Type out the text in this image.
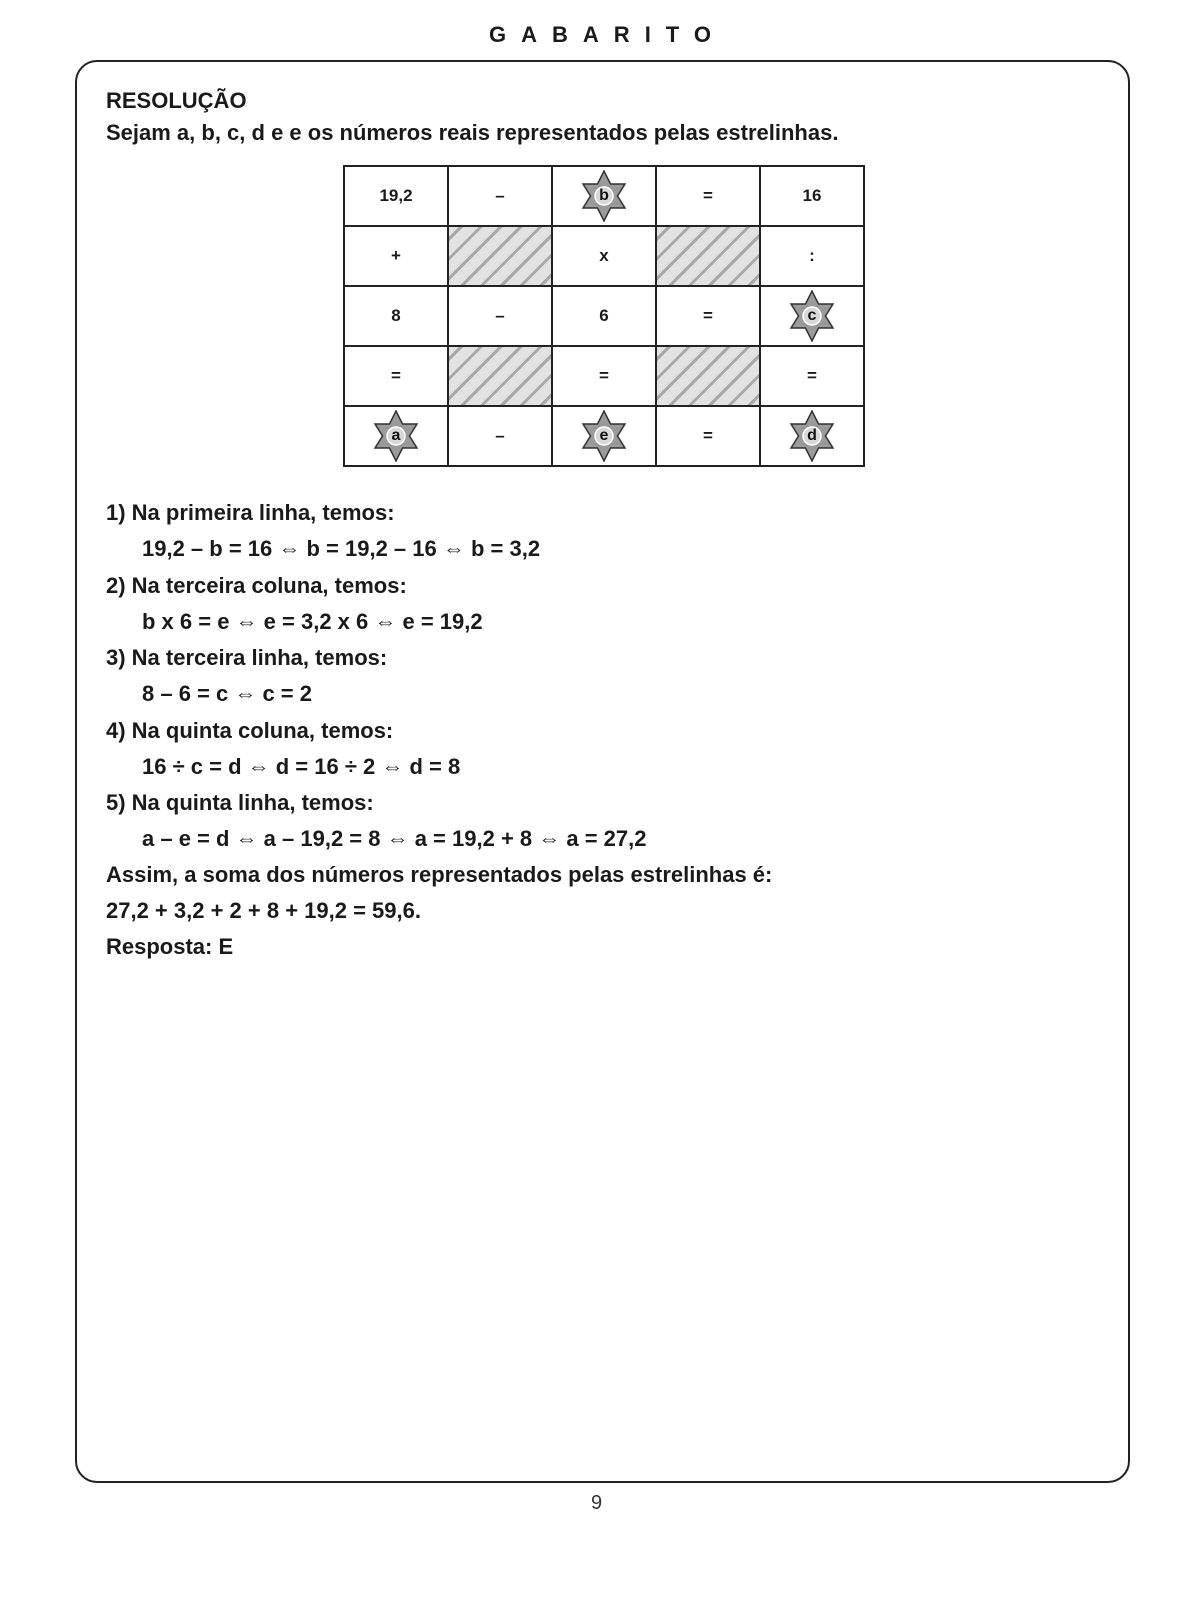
GABARITO
RESOLUÇÃO
Sejam a, b, c, d e e os números reais representados pelas estrelinhas.
19,2	–	b	=	16
+		x		:
8	–	6	=	c

=		=		=

a	–	e	=	d
1) Na primeira linha, temos:
19,2 – b = 16 ⇔ b = 19,2 – 16 ⇔ b = 3,2
2) Na terceira coluna, temos:
b x 6 = e ⇔ e = 3,2 x 6 ⇔ e = 19,2
3) Na terceira linha, temos:
8 – 6 = c ⇔ c = 2
4) Na quinta coluna, temos:
16 ÷ c = d ⇔ d = 16 ÷ 2 ⇔ d = 8
5) Na quinta linha, temos:
a – e = d ⇔ a – 19,2 = 8 ⇔ a = 19,2 + 8 ⇔ a = 27,2
Assim, a soma dos números representados pelas estrelinhas é:
27,2 + 3,2 + 2 + 8 + 19,2 = 59,6.
Resposta: E
9
